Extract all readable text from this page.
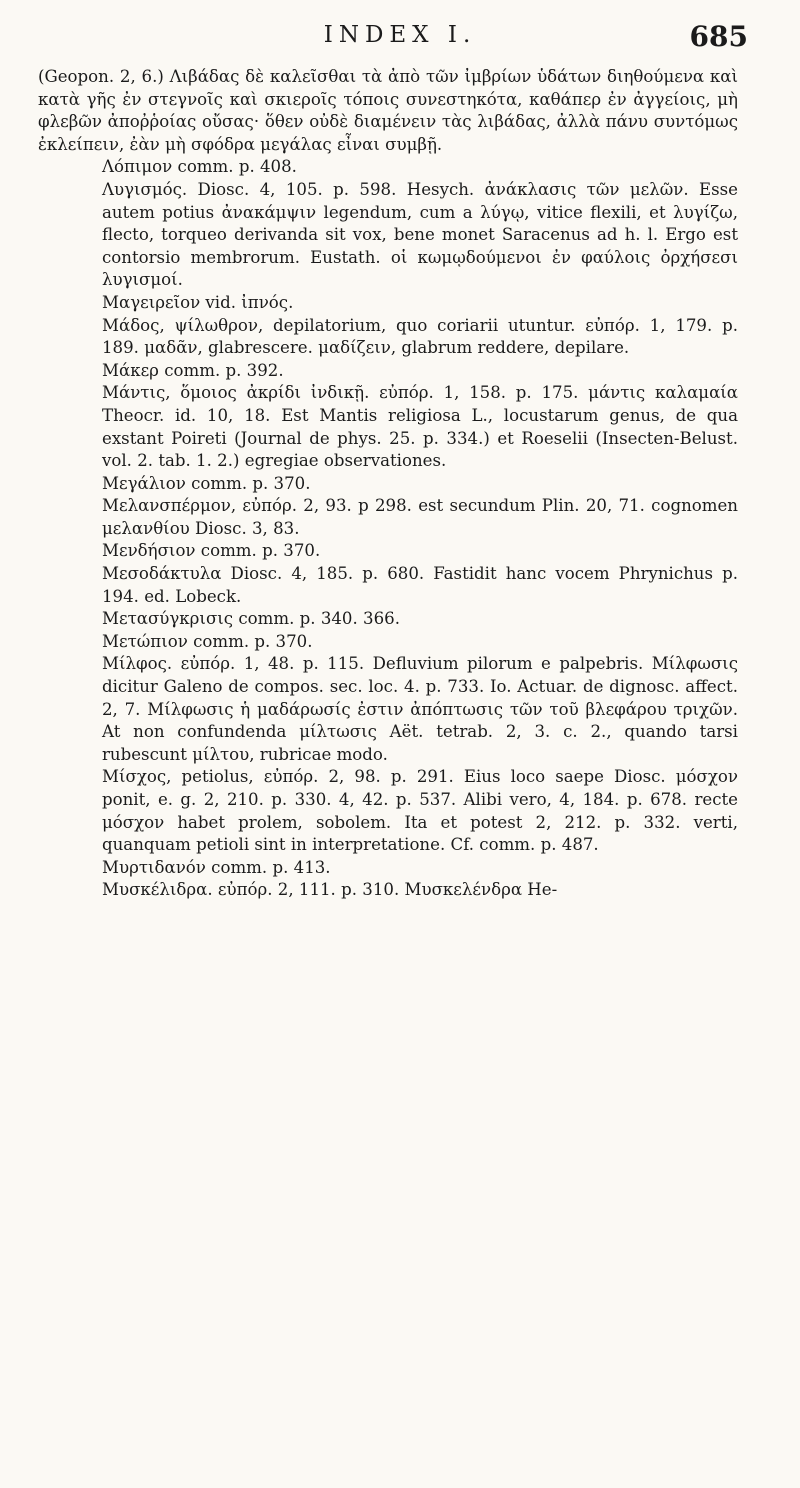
INDEX I.	685

(Geopon. 2, 6.) Λιβάδας δὲ καλεῖσθαι τὰ ἀπὸ τῶν ἰμβρίων ὑδάτων διηθούμενα καὶ κατὰ γῆς ἐν στεγνοῖς καὶ σκιεροῖς τόποις συνεστηκότα, καθάπερ ἐν ἀγγείοις, μὴ φλεβῶν ἀποῤῥοίας οὔσας· ὅθεν οὐδὲ διαμένειν τὰς λιβάδας, ἀλλὰ πάνυ συντόμως ἐκλείπειν, ἐὰν μὴ σφόδρα μεγάλας εἶναι συμβῇ.

Λόπιμον comm. p. 408.

Λυγισμός. Diosc. 4, 105. p. 598. Hesych. ἀνάκλασις τῶν μελῶν. Esse autem potius ἀνακάμψιν legendum, cum a λύγῳ, vitice flexili, et λυγίζω, flecto, torqueo derivanda sit vox, bene monet Saracenus ad h. l. Ergo est contorsio membrorum. Eustath. οἱ κωμῳδούμενοι ἐν φαύλοις ὀρχήσεσι λυγισμοί.

Μαγειρεῖον vid. ἰπνός.

Μάδος, ψίλωθρον, depilatorium, quo coriarii utuntur. εὐπόρ. 1, 179. p. 189. μαδᾶν, glabrescere. μαδίζειν, glabrum reddere, depilare.

Μάκερ comm. p. 392.

Μάντις, ὅμοιος ἀκρίδι ἰνδικῇ. εὐπόρ. 1, 158. p. 175. μάντις καλαμαία Theocr. id. 10, 18. Est Mantis religiosa L., locustarum genus, de qua exstant Poireti (Journal de phys. 25. p. 334.) et Roeselii (Insecten-Belust. vol. 2. tab. 1. 2.) egregiae observationes.

Μεγάλιον comm. p. 370.

Μελανσπέρμον, εὐπόρ. 2, 93. p 298. est secundum Plin. 20, 71. cognomen μελανθίου Diosc. 3, 83.

Μενδήσιον comm. p. 370.

Μεσοδάκτυλα Diosc. 4, 185. p. 680. Fastidit hanc vocem Phrynichus p. 194. ed. Lobeck.

Μετασύγκρισις comm. p. 340. 366.

Μετώπιον comm. p. 370.

Μίλφος. εὐπόρ. 1, 48. p. 115. Defluvium pilorum e palpebris. Μίλφωσις dicitur Galeno de compos. sec. loc. 4. p. 733. Io. Actuar. de dignosc. affect. 2, 7. Μίλφωσις ἡ μαδάρωσίς ἐστιν ἀπόπτωσις τῶν τοῦ βλεφάρου τριχῶν. At non confundenda μίλτωσις Aët. tetrab. 2, 3. c. 2., quando tarsi rubescunt μίλτου, rubricae modo.

Μίσχος, petiolus, εὐπόρ. 2, 98. p. 291. Eius loco saepe Diosc. μόσχον ponit, e. g. 2, 210. p. 330. 4, 42. p. 537. Alibi vero, 4, 184. p. 678. recte μόσχον habet prolem, sobolem. Ita et potest 2, 212. p. 332. verti, quanquam petioli sint in interpretatione. Cf. comm. p. 487.

Μυρτιδανόν comm. p. 413.

Μυσκέλιδρα. εὐπόρ. 2, 111. p. 310. Μυσκελένδρα He-
